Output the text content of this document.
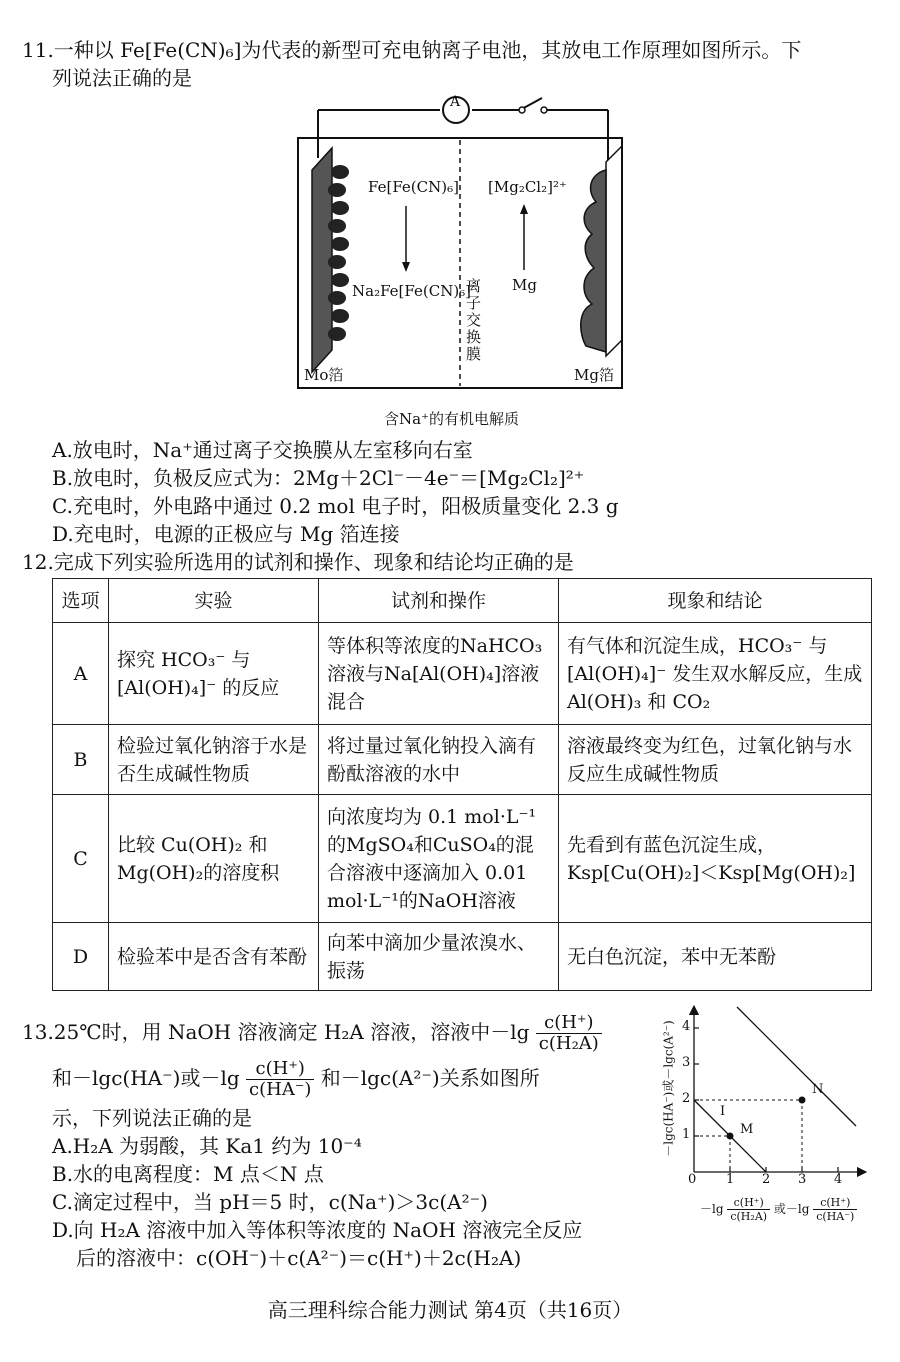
11.一种以 Fe[Fe(CN)₆]为代表的新型可充电钠离子电池，其放电工作原理如图所示。下
列说法正确的是
A
Fe[Fe(CN)₆]
Na₂Fe[Fe(CN)₆]
[Mg₂Cl₂]²⁺
Mg
离子交换膜
Mo箔	Mg箔
含Na⁺的有机电解质
A.放电时，Na⁺通过离子交换膜从左室移向右室
B.放电时，负极反应式为：2Mg＋2Cl⁻－4e⁻＝[Mg₂Cl₂]²⁺
C.充电时，外电路中通过 0.2 mol 电子时，阳极质量变化 2.3 g
D.充电时，电源的正极应与 Mg 箔连接
12.完成下列实验所选用的试剂和操作、现象和结论均正确的是
选项	实验	试剂和操作	现象和结论
A	探究 HCO₃⁻ 与 [Al(OH)₄]⁻ 的反应	等体积等浓度的NaHCO₃溶液与Na[Al(OH)₄]溶液混合	有气体和沉淀生成，HCO₃⁻ 与 [Al(OH)₄]⁻ 发生双水解反应，生成 Al(OH)₃ 和 CO₂
B	检验过氧化钠溶于水是否生成碱性物质	将过量过氧化钠投入滴有酚酞溶液的水中	溶液最终变为红色，过氧化钠与水反应生成碱性物质
C	比较 Cu(OH)₂ 和 Mg(OH)₂的溶度积	向浓度均为 0.1 mol·L⁻¹ 的MgSO₄和CuSO₄的混合溶液中逐滴加入 0.01 mol·L⁻¹的NaOH溶液	先看到有蓝色沉淀生成，Ksp[Cu(OH)₂]＜Ksp[Mg(OH)₂]
D	检验苯中是否含有苯酚	向苯中滴加少量浓溴水、振荡	无白色沉淀，苯中无苯酚
13.25℃时，用 NaOH 溶液滴定 H₂A 溶液，溶液中$-\lg \frac{c(H^+)}{\text{c(H₂A)}}$
和－lgc(HA⁻)或$-\lg \frac{c(H^+)}{c(HA^-)}$ 和－lgc(A²⁻)关系如图所
示，下列说法正确的是
A.H₂A 为弱酸，其 Ka1 约为 10⁻⁴
B.水的电离程度：M 点＜N 点
C.滴定过程中，当 pH＝5 时，c(Na⁺)＞3c(A²⁻)
D.向 H₂A 溶液中加入等体积等浓度的 NaOH 溶液完全反应
后的溶液中：c(OH⁻)＋c(A²⁻)＝c(H⁺)＋2c(H₂A)
－lgc(HA⁻)或－lgc(A²⁻)
0 1 2 3 4
1
2
3
4
I
M
N
$-\lg \frac{c(H^+)}{\text{c(H₂A)}}$ 或$-\lg \frac{c(H^+)}{c(HA^-)}$
高三理科综合能力测试 第4页（共16页）
